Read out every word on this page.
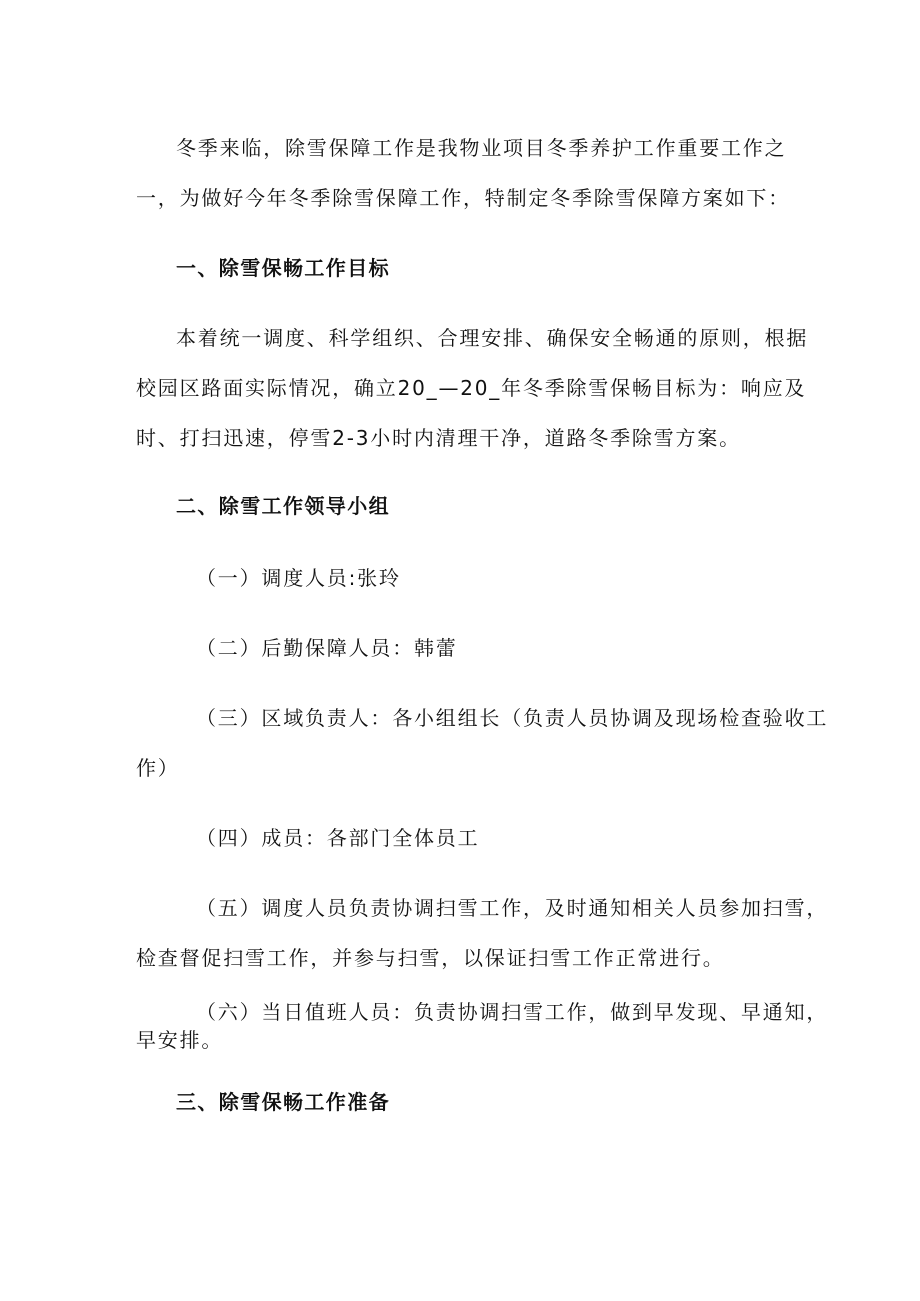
冬季来临，除雪保障工作是我物业项目冬季养护工作重要工作之
一，为做好今年冬季除雪保障工作，特制定冬季除雪保障方案如下：
一、除雪保畅工作目标
本着统一调度、科学组织、合理安排、确保安全畅通的原则，根据
校园区路面实际情况，确立20_—20_年冬季除雪保畅目标为：响应及
时、打扫迅速，停雪2-3小时内清理干净，道路冬季除雪方案。
二、除雪工作领导小组
（一）调度人员:张玲
（二）后勤保障人员：韩蕾
（三）区域负责人：各小组组长（负责人员协调及现场检查验收工
作）
（四）成员：各部门全体员工
（五）调度人员负责协调扫雪工作，及时通知相关人员参加扫雪，
检查督促扫雪工作，并参与扫雪，以保证扫雪工作正常进行。
（六）当日值班人员：负责协调扫雪工作，做到早发现、早通知，
早安排。
三、除雪保畅工作准备
